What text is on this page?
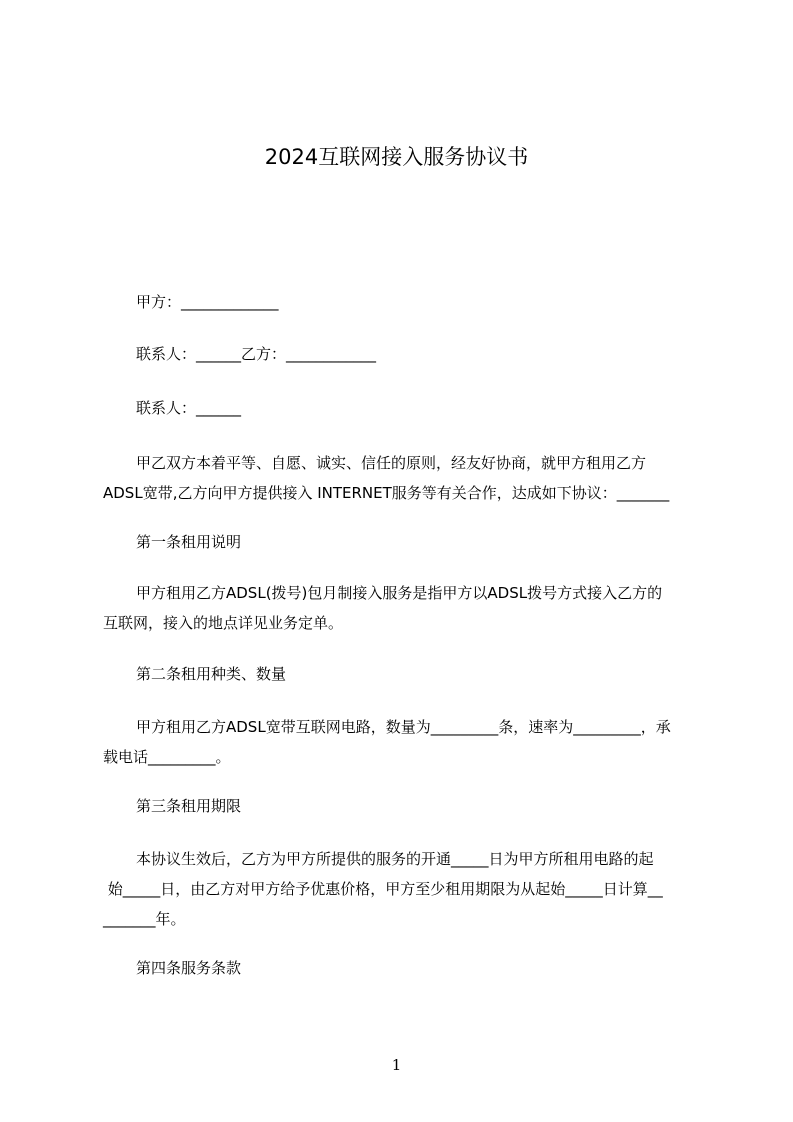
2024互联网接入服务协议书
甲方：_____________
联系人：______乙方：____________
联系人：______
甲乙双方本着平等、自愿、诚实、信任的原则，经友好协商，就甲方租用乙方
ADSL宽带,乙方向甲方提供接入 INTERNET服务等有关合作，达成如下协议：_______
第一条租用说明
甲方租用乙方ADSL(拨号)包月制接入服务是指甲方以ADSL拨号方式接入乙方的
互联网，接入的地点详见业务定单。
第二条租用种类、数量
甲方租用乙方ADSL宽带互联网电路，数量为_________条，速率为_________，承
载电话_________。
第三条租用期限
本协议生效后，乙方为甲方所提供的服务的开通_____日为甲方所租用电路的起
始_____日，由乙方对甲方给予优惠价格，甲方至少租用期限为从起始_____日计算__
_______年。
第四条服务条款
1
